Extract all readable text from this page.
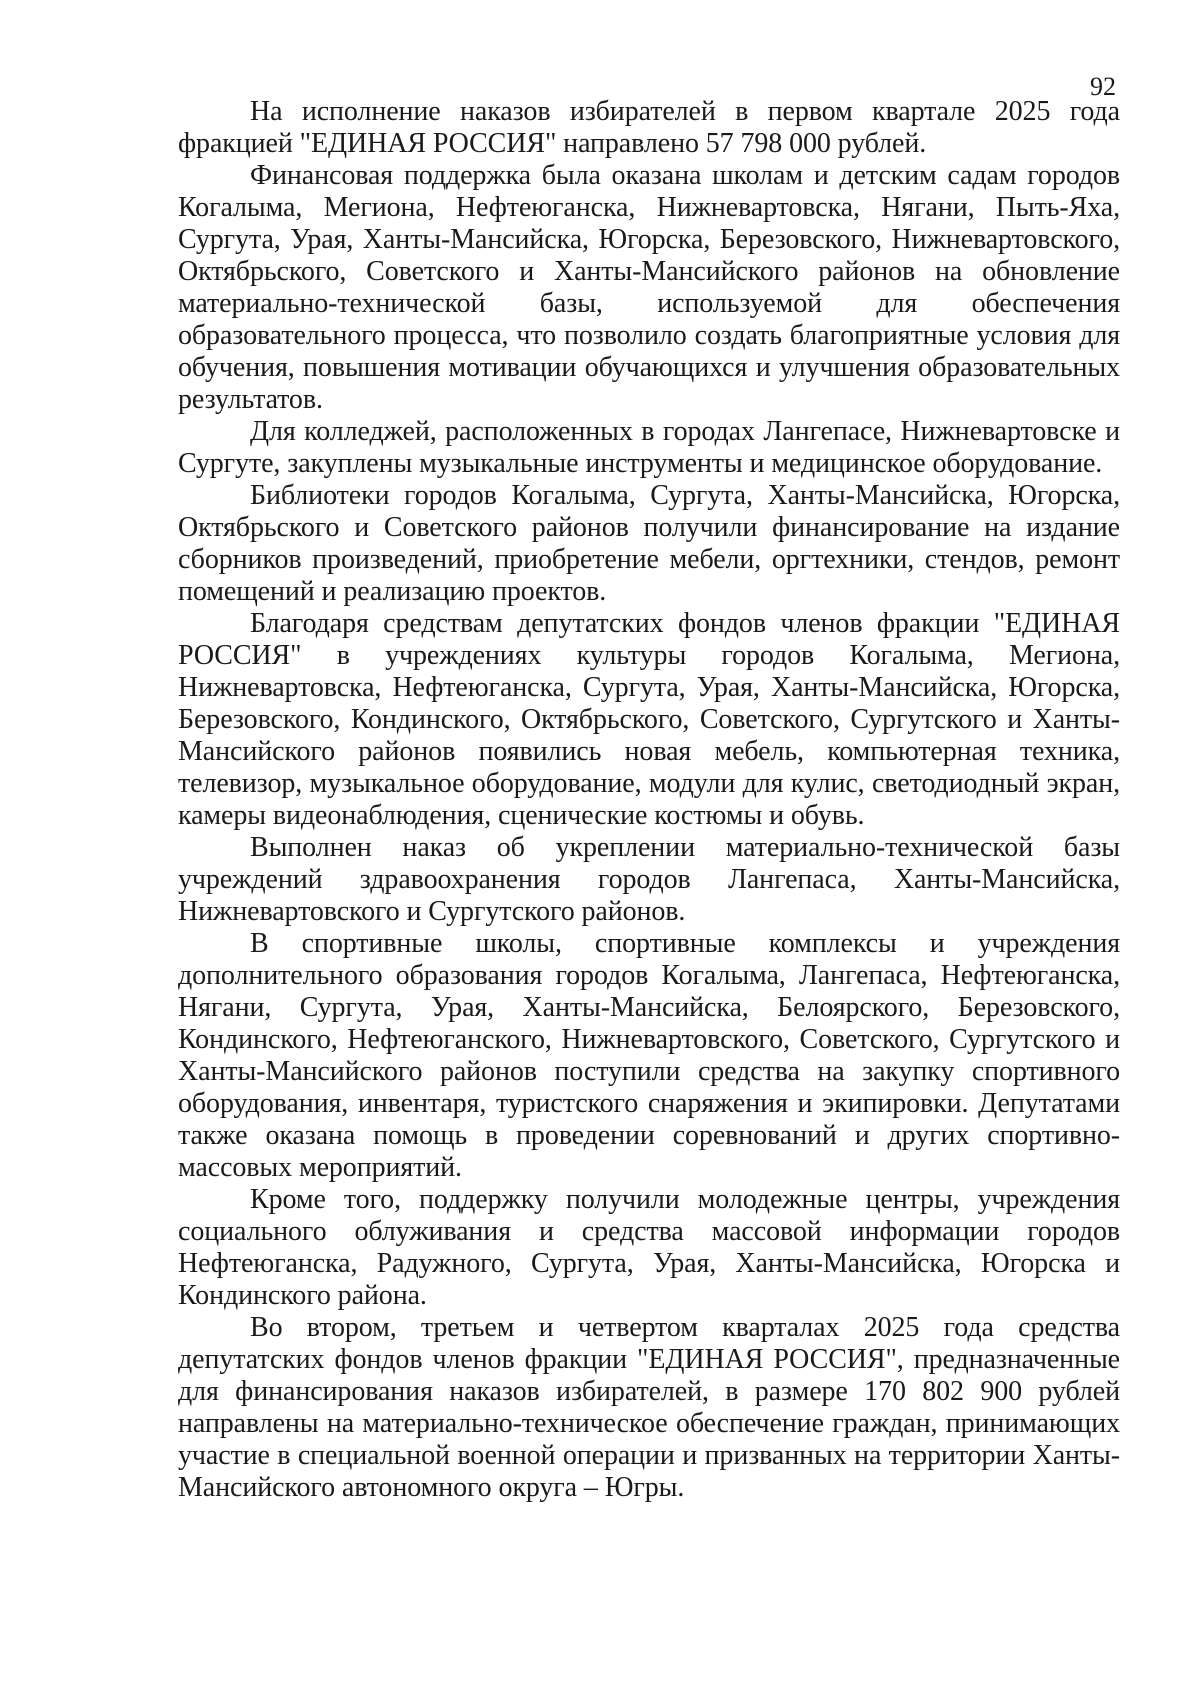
92

На исполнение наказов избирателей в первом квартале 2025 года фракцией "ЕДИНАЯ РОССИЯ" направлено 57 798 000 рублей.

Финансовая поддержка была оказана школам и детским садам городов Когалыма, Мегиона, Нефтеюганска, Нижневартовска, Нягани, Пыть-Яха, Сургута, Урая, Ханты-Мансийска, Югорска, Березовского, Нижневартовского, Октябрьского, Советского и Ханты-Мансийского районов на обновление материально-технической базы, используемой для обеспечения образовательного процесса, что позволило создать благоприятные условия для обучения, повышения мотивации обучающихся и улучшения образовательных результатов.

Для колледжей, расположенных в городах Лангепасе, Нижневартовске и Сургуте, закуплены музыкальные инструменты и медицинское оборудование.

Библиотеки городов Когалыма, Сургута, Ханты-Мансийска, Югорска, Октябрьского и Советского районов получили финансирование на издание сборников произведений, приобретение мебели, оргтехники, стендов, ремонт помещений и реализацию проектов.

Благодаря средствам депутатских фондов членов фракции "ЕДИНАЯ РОССИЯ" в учреждениях культуры городов Когалыма, Мегиона, Нижневартовска, Нефтеюганска, Сургута, Урая, Ханты-Мансийска, Югорска, Березовского, Кондинского, Октябрьского, Советского, Сургутского и Ханты-Мансийского районов появились новая мебель, компьютерная техника, телевизор, музыкальное оборудование, модули для кулис, светодиодный экран, камеры видеонаблюдения, сценические костюмы и обувь.

Выполнен наказ об укреплении материально-технической базы учреждений здравоохранения городов Лангепаса, Ханты-Мансийска, Нижневартовского и Сургутского районов.

В спортивные школы, спортивные комплексы и учреждения дополнительного образования городов Когалыма, Лангепаса, Нефтеюганска, Нягани, Сургута, Урая, Ханты-Мансийска, Белоярского, Березовского, Кондинского, Нефтеюганского, Нижневартовского, Советского, Сургутского и Ханты-Мансийского районов поступили средства на закупку спортивного оборудования, инвентаря, туристского снаряжения и экипировки. Депутатами также оказана помощь в проведении соревнований и других спортивно-массовых мероприятий.

Кроме того, поддержку получили молодежные центры, учреждения социального облуживания и средства массовой информации городов Нефтеюганска, Радужного, Сургута, Урая, Ханты-Мансийска, Югорска и Кондинского района.

Во втором, третьем и четвертом кварталах 2025 года средства депутатских фондов членов фракции "ЕДИНАЯ РОССИЯ", предназначенные для финансирования наказов избирателей, в размере 170 802 900 рублей направлены на материально-техническое обеспечение граждан, принимающих участие в специальной военной операции и призванных на территории Ханты-Мансийского автономного округа – Югры.
